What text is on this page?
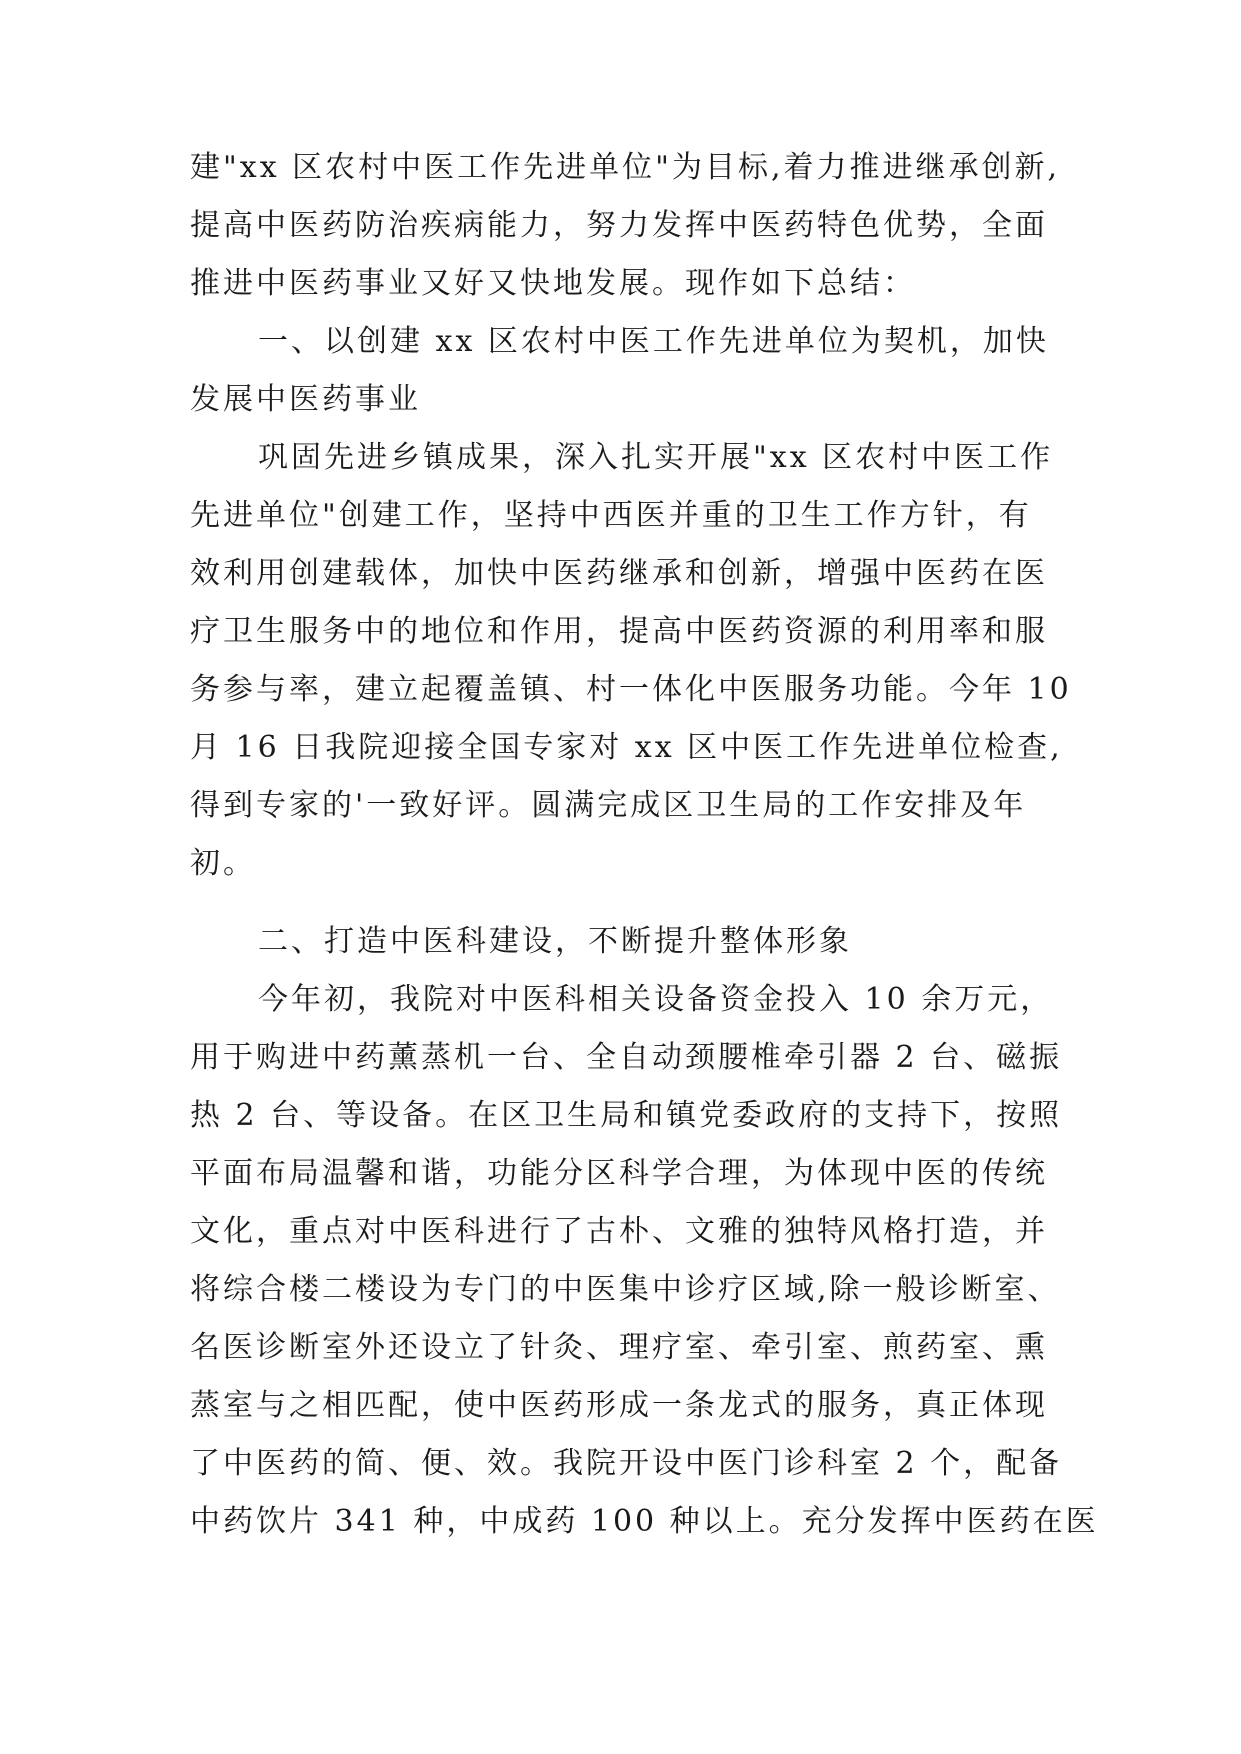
建"xx 区农村中医工作先进单位"为目标,着力推进继承创新,
提高中医药防治疾病能力，努力发挥中医药特色优势，全面
推进中医药事业又好又快地发展。现作如下总结：
一、以创建 xx 区农村中医工作先进单位为契机，加快
发展中医药事业
巩固先进乡镇成果，深入扎实开展"xx 区农村中医工作
先进单位"创建工作，坚持中西医并重的卫生工作方针，有
效利用创建载体，加快中医药继承和创新，增强中医药在医
疗卫生服务中的地位和作用，提高中医药资源的利用率和服
务参与率，建立起覆盖镇、村一体化中医服务功能。今年 10
月 16 日我院迎接全国专家对 xx 区中医工作先进单位检查,
得到专家的'一致好评。圆满完成区卫生局的工作安排及年
初。
二、打造中医科建设，不断提升整体形象
今年初，我院对中医科相关设备资金投入 10 余万元，
用于购进中药薰蒸机一台、全自动颈腰椎牵引器 2 台、磁振
热 2 台、等设备。在区卫生局和镇党委政府的支持下，按照
平面布局温馨和谐，功能分区科学合理，为体现中医的传统
文化，重点对中医科进行了古朴、文雅的独特风格打造，并
将综合楼二楼设为专门的中医集中诊疗区域,除一般诊断室、
名医诊断室外还设立了针灸、理疗室、牵引室、煎药室、熏
蒸室与之相匹配，使中医药形成一条龙式的服务，真正体现
了中医药的简、便、效。我院开设中医门诊科室 2 个，配备
中药饮片 341 种，中成药 100 种以上。充分发挥中医药在医
